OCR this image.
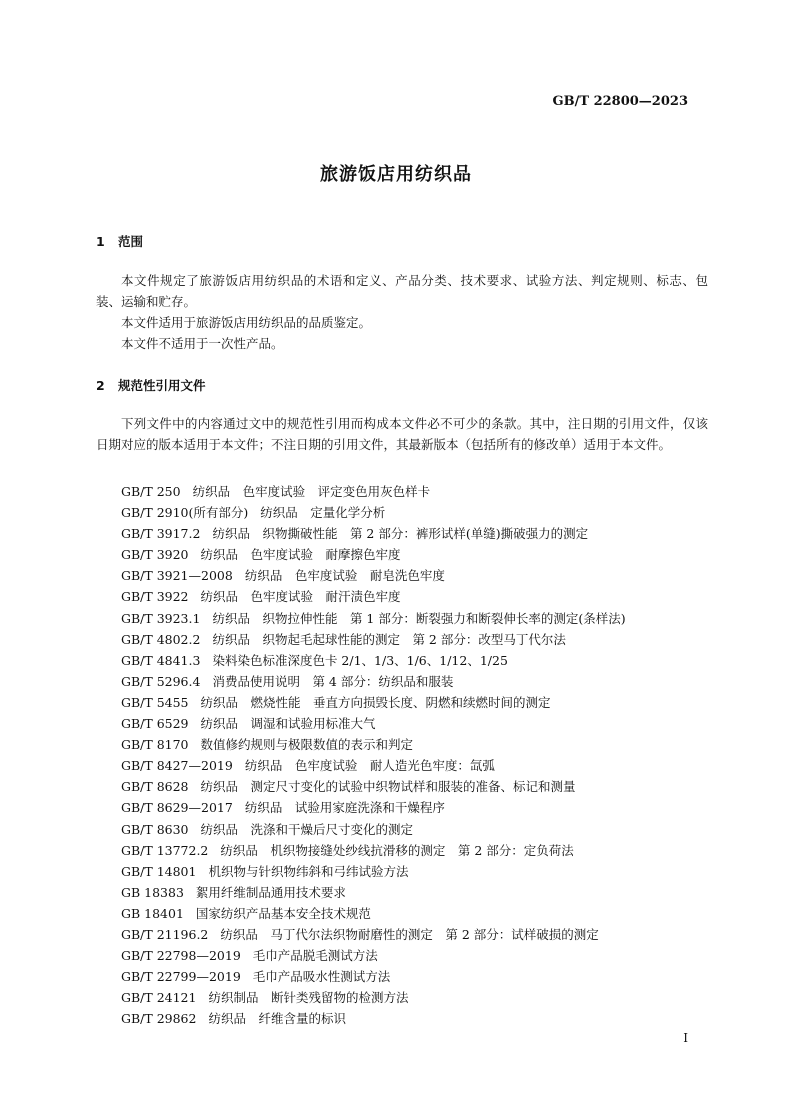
GB/T 22800—2023
旅游饭店用纺织品
1 范围
本文件规定了旅游饭店用纺织品的术语和定义、产品分类、技术要求、试验方法、判定规则、标志、包装、运输和贮存。
本文件适用于旅游饭店用纺织品的品质鉴定。
本文件不适用于一次性产品。
2 规范性引用文件
下列文件中的内容通过文中的规范性引用而构成本文件必不可少的条款。其中，注日期的引用文件，仅该日期对应的版本适用于本文件；不注日期的引用文件，其最新版本（包括所有的修改单）适用于本文件。
GB/T 250 纺织品　色牢度试验　评定变色用灰色样卡
GB/T 2910(所有部分) 纺织品　定量化学分析
GB/T 3917.2 纺织品　织物撕破性能　第 2 部分：裤形试样(单缝)撕破强力的测定
GB/T 3920 纺织品　色牢度试验　耐摩擦色牢度
GB/T 3921—2008 纺织品　色牢度试验　耐皂洗色牢度
GB/T 3922 纺织品　色牢度试验　耐汗渍色牢度
GB/T 3923.1 纺织品　织物拉伸性能　第 1 部分：断裂强力和断裂伸长率的测定(条样法)
GB/T 4802.2 纺织品　织物起毛起球性能的测定　第 2 部分：改型马丁代尔法
GB/T 4841.3 染料染色标准深度色卡 2/1、1/3、1/6、1/12、1/25
GB/T 5296.4 消费品使用说明　第 4 部分：纺织品和服装
GB/T 5455 纺织品　燃烧性能　垂直方向损毁长度、阴燃和续燃时间的测定
GB/T 6529 纺织品　调湿和试验用标准大气
GB/T 8170 数值修约规则与极限数值的表示和判定
GB/T 8427—2019 纺织品　色牢度试验　耐人造光色牢度：氙弧
GB/T 8628 纺织品　测定尺寸变化的试验中织物试样和服装的准备、标记和测量
GB/T 8629—2017 纺织品　试验用家庭洗涤和干燥程序
GB/T 8630 纺织品　洗涤和干燥后尺寸变化的测定
GB/T 13772.2 纺织品　机织物接缝处纱线抗滑移的测定　第 2 部分：定负荷法
GB/T 14801 机织物与针织物纬斜和弓纬试验方法
GB 18383 絮用纤维制品通用技术要求
GB 18401 国家纺织产品基本安全技术规范
GB/T 21196.2 纺织品　马丁代尔法织物耐磨性的测定　第 2 部分：试样破损的测定
GB/T 22798—2019 毛巾产品脱毛测试方法
GB/T 22799—2019 毛巾产品吸水性测试方法
GB/T 24121 纺织制品　断针类残留物的检测方法
GB/T 29862 纺织品　纤维含量的标识
I
